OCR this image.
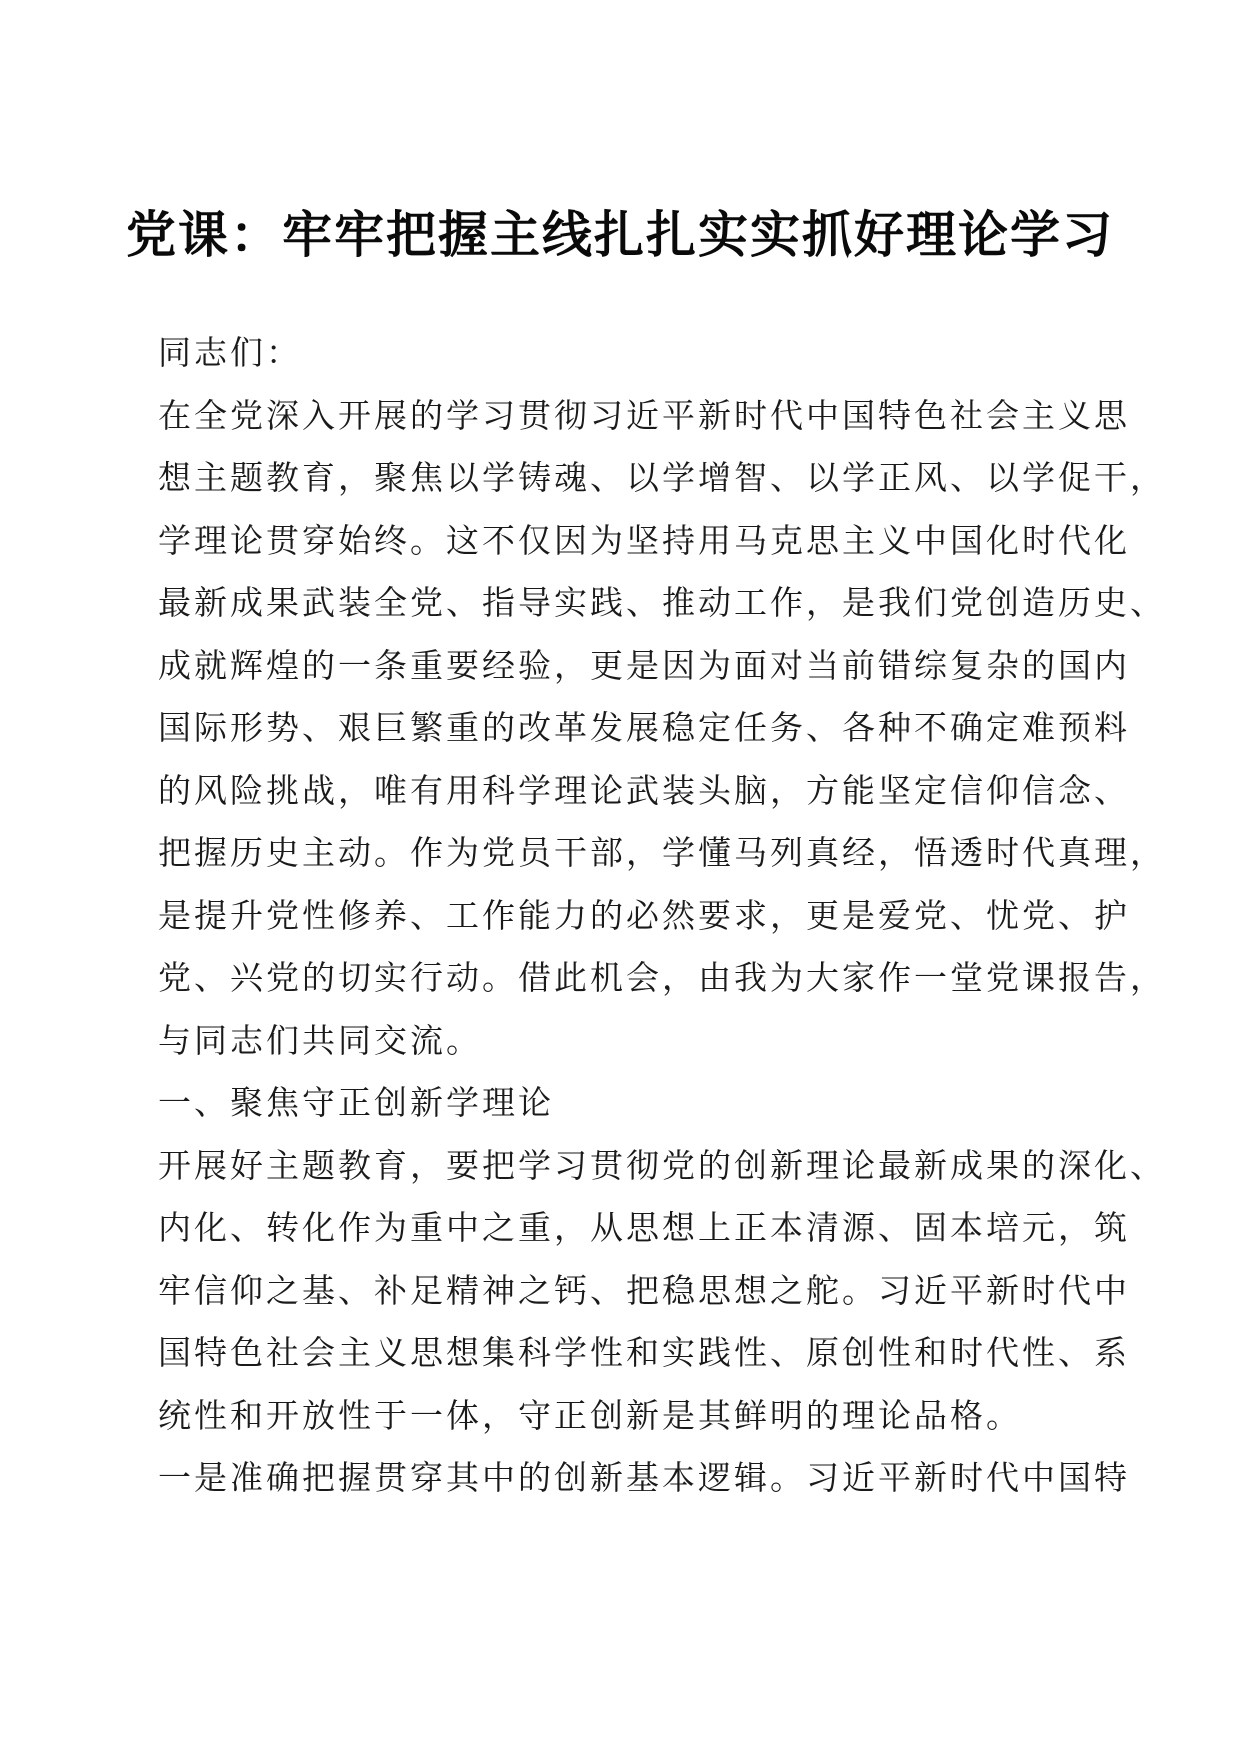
党课：牢牢把握主线扎扎实实抓好理论学习
同志们：
在全党深入开展的学习贯彻习近平新时代中国特色社会主义思
想主题教育，聚焦以学铸魂、以学增智、以学正风、以学促干，
学理论贯穿始终。这不仅因为坚持用马克思主义中国化时代化
最新成果武装全党、指导实践、推动工作，是我们党创造历史、
成就辉煌的一条重要经验，更是因为面对当前错综复杂的国内
国际形势、艰巨繁重的改革发展稳定任务、各种不确定难预料
的风险挑战，唯有用科学理论武装头脑，方能坚定信仰信念、
把握历史主动。作为党员干部，学懂马列真经，悟透时代真理，
是提升党性修养、工作能力的必然要求，更是爱党、忧党、护
党、兴党的切实行动。借此机会，由我为大家作一堂党课报告，
与同志们共同交流。
一、聚焦守正创新学理论
开展好主题教育，要把学习贯彻党的创新理论最新成果的深化、
内化、转化作为重中之重，从思想上正本清源、固本培元，筑
牢信仰之基、补足精神之钙、把稳思想之舵。习近平新时代中
国特色社会主义思想集科学性和实践性、原创性和时代性、系
统性和开放性于一体，守正创新是其鲜明的理论品格。
一是准确把握贯穿其中的创新基本逻辑。习近平新时代中国特
